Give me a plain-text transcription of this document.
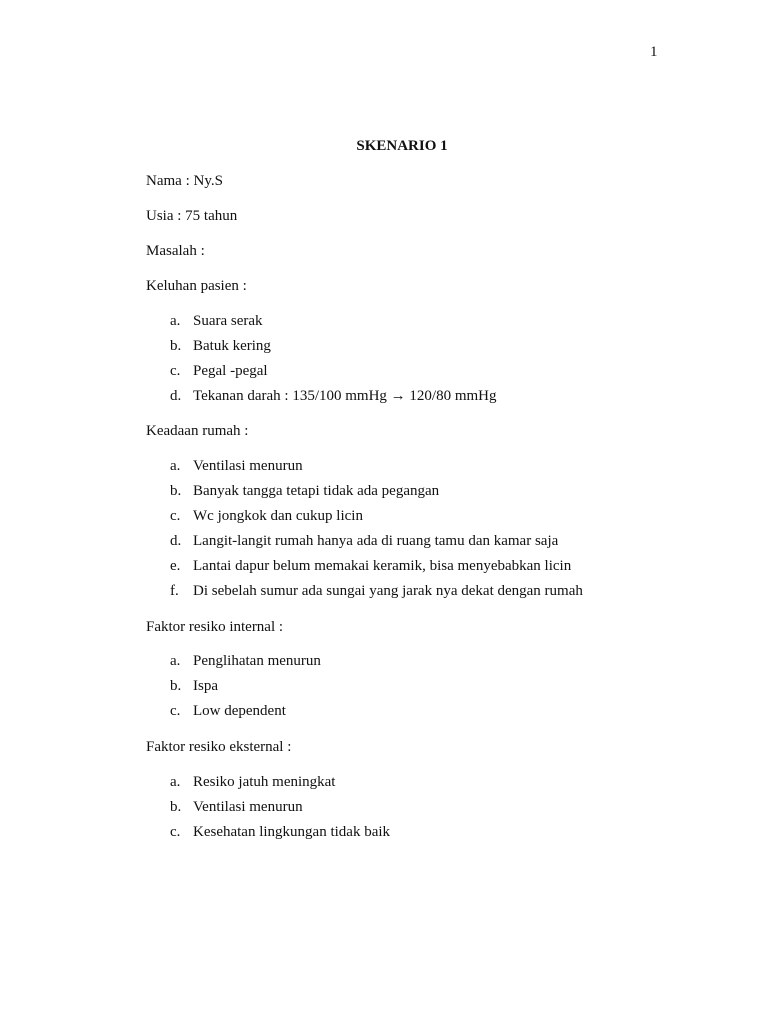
1
SKENARIO 1
Nama : Ny.S
Usia : 75 tahun
Masalah :
Keluhan pasien :
a. Suara serak
b. Batuk kering
c. Pegal -pegal
d. Tekanan darah : 135/100 mmHg → 120/80 mmHg
Keadaan rumah :
a. Ventilasi menurun
b. Banyak tangga tetapi tidak ada pegangan
c. Wc jongkok dan cukup licin
d. Langit-langit rumah hanya ada di ruang tamu dan kamar saja
e. Lantai dapur belum memakai keramik, bisa menyebabkan licin
f. Di sebelah sumur ada sungai yang jarak nya dekat dengan rumah
Faktor resiko internal :
a. Penglihatan menurun
b. Ispa
c. Low dependent
Faktor resiko eksternal :
a. Resiko jatuh meningkat
b. Ventilasi menurun
c. Kesehatan lingkungan tidak baik
